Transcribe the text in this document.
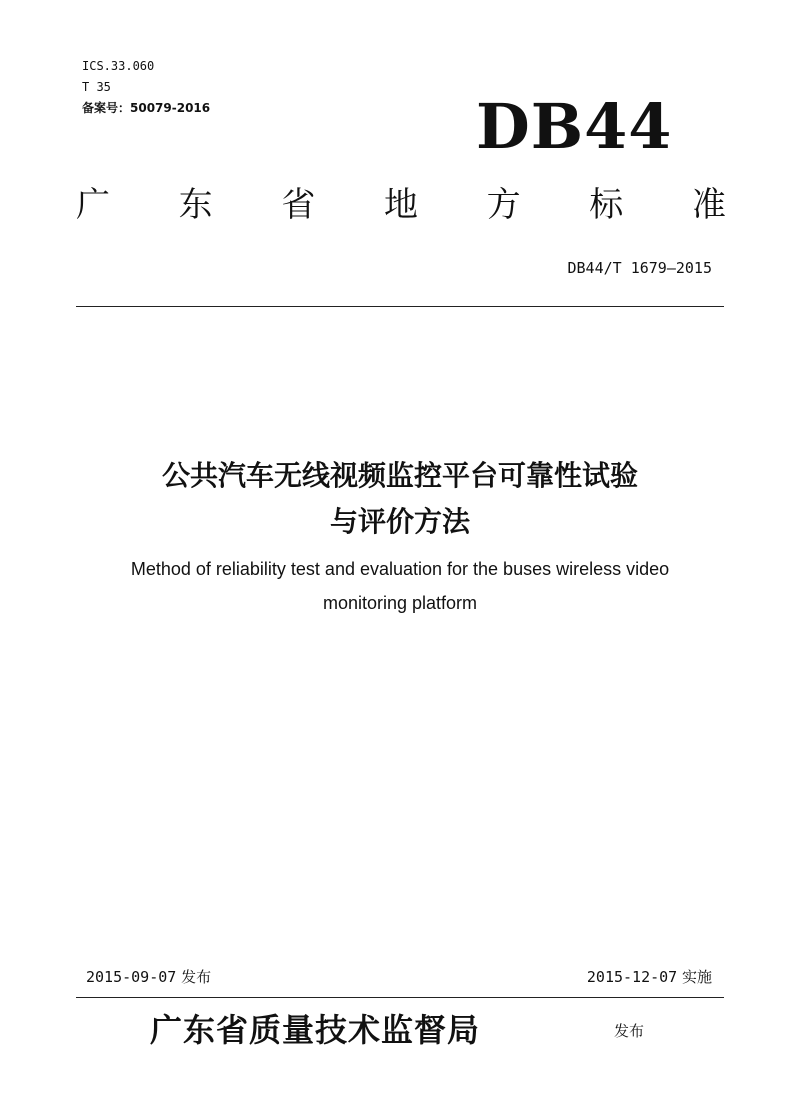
ICS.33.060
T 35
备案号：50079-2016	DB44
广 东 省 地 方 标 准
DB44/T 1679—2015
公共汽车无线视频监控平台可靠性试验
与评价方法
Method of reliability test and evaluation for the buses wireless video
monitoring platform
2015-09-07 发布	2015-12-07 实施
广东省质量技术监督局	发布
